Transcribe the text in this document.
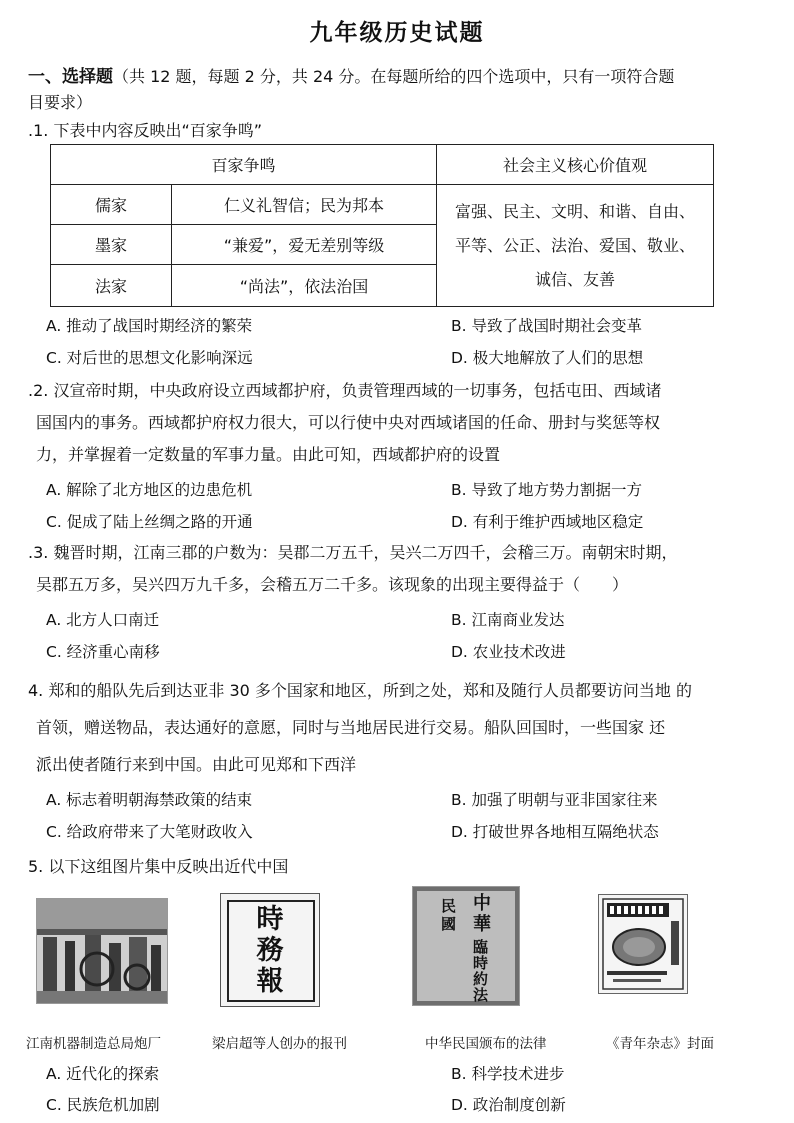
九年级历史试题
一、选择题（共 12 题，每题 2 分，共 24 分。在每题所给的四个选项中，只有一项符合题
目要求）
.1. 下表中内容反映出“百家争鸣”
百家争鸣		社会主义核心价值观
儒家	仁义礼智信；民为邦本	富强、民主、文明、和谐、自由、
平等、公正、法治、爱国、敬业、
诚信、友善

墨家	“兼爱”，爱无差别等级	
法家	“尚法”，依法治国	
A. 推动了战国时期经济的繁荣	B. 导致了战国时期社会变革
C. 对后世的思想文化影响深远	D. 极大地解放了人们的思想
.2. 汉宣帝时期，中央政府设立西域都护府，负责管理西域的一切事务，包括屯田、西域诸
国国内的事务。西域都护府权力很大，可以行使中央对西域诸国的任命、册封与奖惩等权
力，并掌握着一定数量的军事力量。由此可知，西域都护府的设置
A. 解除了北方地区的边患危机	B. 导致了地方势力割据一方
C. 促成了陆上丝绸之路的开通	D. 有利于维护西域地区稳定
.3. 魏晋时期，江南三郡的户数为：吴郡二万五千，吴兴二万四千，会稽三万。南朝宋时期，
吴郡五万多，吴兴四万九千多，会稽五万二千多。该现象的出现主要得益于（　　）
A. 北方人口南迁	B. 江南商业发达
C. 经济重心南移	D. 农业技术改进
4. 郑和的船队先后到达亚非 30 多个国家和地区，所到之处，郑和及随行人员都要访问当地 的
首领，赠送物品，表达通好的意愿，同时与当地居民进行交易。船队回国时，一些国家 还
派出使者随行来到中国。由此可见郑和下西洋
A. 标志着明朝海禁政策的结束	B. 加强了明朝与亚非国家往来
C. 给政府带来了大笔财政收入	D. 打破世界各地相互隔绝状态
5. 以下这组图片集中反映出近代中国
江南机器制造总局炮厂
時
務
報
梁启超等人创办的报刊
中
華
民
國
臨
時
約
法
中华民国颁布的法律	《青年杂志》封面
A. 近代化的探索	B. 科学技术进步
C. 民族危机加剧	D. 政治制度创新
